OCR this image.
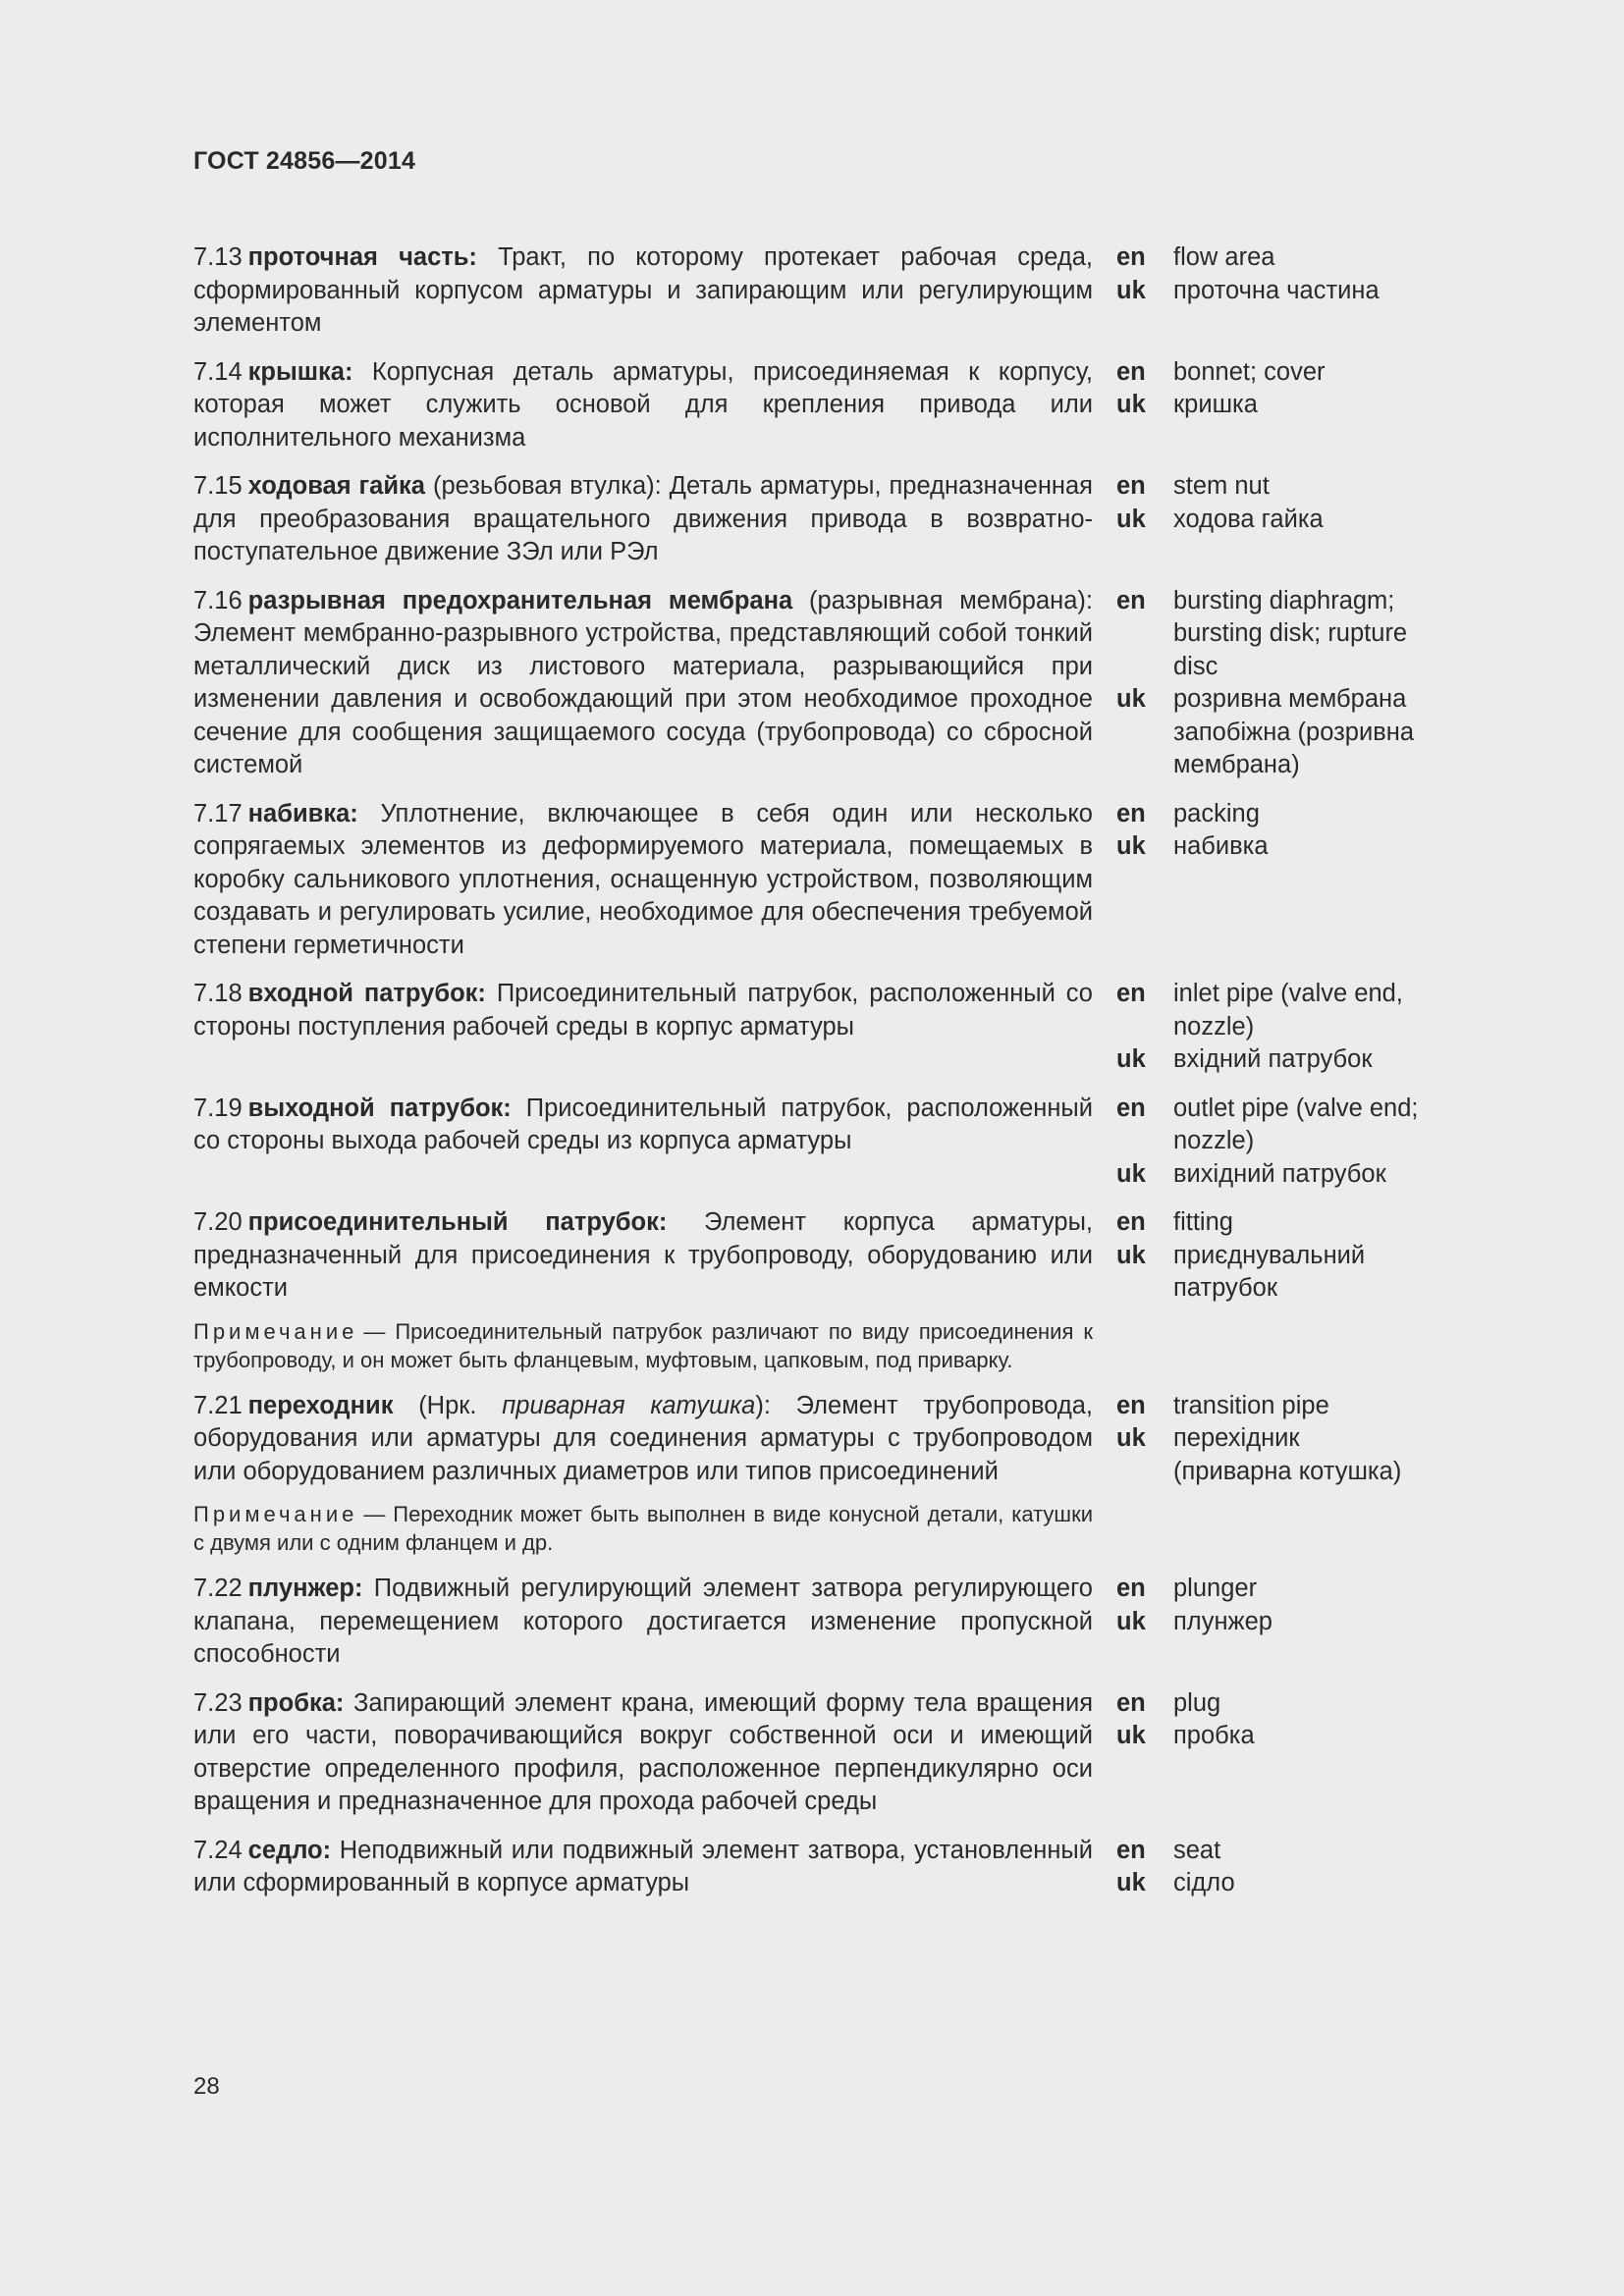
ГОСТ 24856—2014
7.13 проточная часть: Тракт, по которому протекает рабочая среда, сформированный корпусом арматуры и запирающим или регулирующим элементом
en	flow area
uk	проточна частина
7.14 крышка: Корпусная деталь арматуры, присоединяемая к корпусу, которая может служить основой для крепления привода или исполнительного механизма
en	bonnet; cover
uk	кришка
7.15 ходовая гайка (резьбовая втулка): Деталь арматуры, предназначенная для преобразования вращательного движения привода в возвратно-поступательное движение ЗЭл или РЭл
en	stem nut
uk	ходова гайка
7.16 разрывная предохранительная мембрана (разрывная мембрана): Элемент мембранно-разрывного устройства, представляющий собой тонкий металлический диск из листового материала, разрывающийся при изменении давления и освобождающий при этом необходимое проходное сечение для сообщения защищаемого сосуда (трубопровода) со сбросной системой
en	bursting diaphragm; bursting disk; rupture disc
uk	розривна мембрана запобіжна (розривна мембрана)
7.17 набивка: Уплотнение, включающее в себя один или несколько сопрягаемых элементов из деформируемого материала, помещаемых в коробку сальникового уплотнения, оснащенную устройством, позволяющим создавать и регулировать усилие, необходимое для обеспечения требуемой степени герметичности
en	packing
uk	набивка
7.18 входной патрубок: Присоединительный патрубок, расположенный со стороны поступления рабочей среды в корпус арматуры
en	inlet pipe (valve end, nozzle)
uk	вхідний патрубок
7.19 выходной патрубок: Присоединительный патрубок, расположенный со стороны выхода рабочей среды из корпуса арматуры
en	outlet pipe (valve end; nozzle)
uk	вихідний патрубок
7.20 присоединительный патрубок: Элемент корпуса арматуры, предназначенный для присоединения к трубопроводу, оборудованию или емкости
en	fitting
uk	приєднувальний патрубок
Примечание — Присоединительный патрубок различают по виду присоединения к трубопроводу, и он может быть фланцевым, муфтовым, цапковым, под приварку.
7.21 переходник (Нрк. приварная катушка): Элемент трубопровода, оборудования или арматуры для соединения арматуры с трубопроводом или оборудованием различных диаметров или типов присоединений
en	transition pipe
uk	перехідник (приварна котушка)
Примечание — Переходник может быть выполнен в виде конусной детали, катушки с двумя или с одним фланцем и др.
7.22 плунжер: Подвижный регулирующий элемент затвора регулирующего клапана, перемещением которого достигается изменение пропускной способности
en	plunger
uk	плунжер
7.23 пробка: Запирающий элемент крана, имеющий форму тела вращения или его части, поворачивающийся вокруг собственной оси и имеющий отверстие определенного профиля, расположенное перпендикулярно оси вращения и предназначенное для прохода рабочей среды
en	plug
uk	пробка
7.24 седло: Неподвижный или подвижный элемент затвора, установленный или сформированный в корпусе арматуры
en	seat
uk	сідло
28
